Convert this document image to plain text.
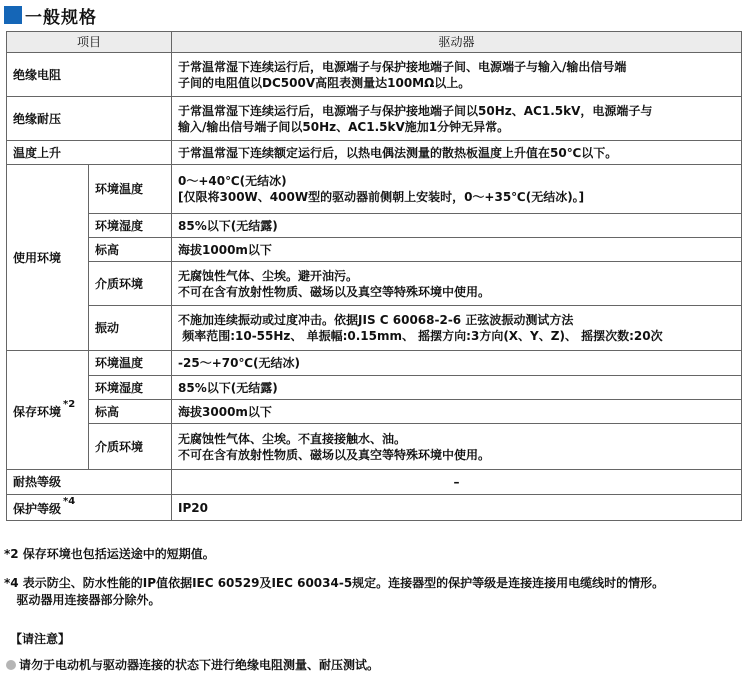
一般规格
项目		驱动器
绝缘电阻		于常温常湿下连续运行后，电源端子与保护接地端子间、电源端子与输入/输出信号端
子间的电阻值以DC500V高阻表测量达100MΩ以上。

绝缘耐压		于常温常湿下连续运行后，电源端子与保护接地端子间以50Hz、AC1.5kV，电源端子与
输入/输出信号端子间以50Hz、AC1.5kV施加1分钟无异常。

温度上升		于常温常湿下连续额定运行后，以热电偶法测量的散热板温度上升值在50℃以下。
使用环境	环境温度	0～+40℃(无结冰)
[仅限将300W、400W型的驱动器前侧朝上安装时，0～+35℃(无结冰)。]

	环境湿度	85%以下(无结露)
	标高	海拔1000m以下
	介质环境	无腐蚀性气体、尘埃。避开油污。
不可在含有放射性物质、磁场以及真空等特殊环境中使用。

	振动	不施加连续振动或过度冲击。依据JIS C 60068-2-6 正弦波振动测试方法
频率范围:10-55Hz、 单振幅:0.15mm、 摇摆方向:3方向(X、Y、Z)、 摇摆次数:20次

保存环境$^{*2}$	环境温度	-25～+70℃(无结冰)
	环境湿度	85%以下(无结露)
	标高	海拔3000m以下
	介质环境	无腐蚀性气体、尘埃。不直接接触水、油。
不可在含有放射性物质、磁场以及真空等特殊环境中使用。

耐热等级		–
保护等级$^{*4}$		IP20
*2 保存环境也包括运送途中的短期值。
*4 表示防尘、防水性能的IP值依据IEC 60529及IEC 60034-5规定。连接器型的保护等级是连接连接用电缆线时的情形。
驱动器用连接器部分除外。
【请注意】
请勿于电动机与驱动器连接的状态下进行绝缘电阻测量、耐压测试。
